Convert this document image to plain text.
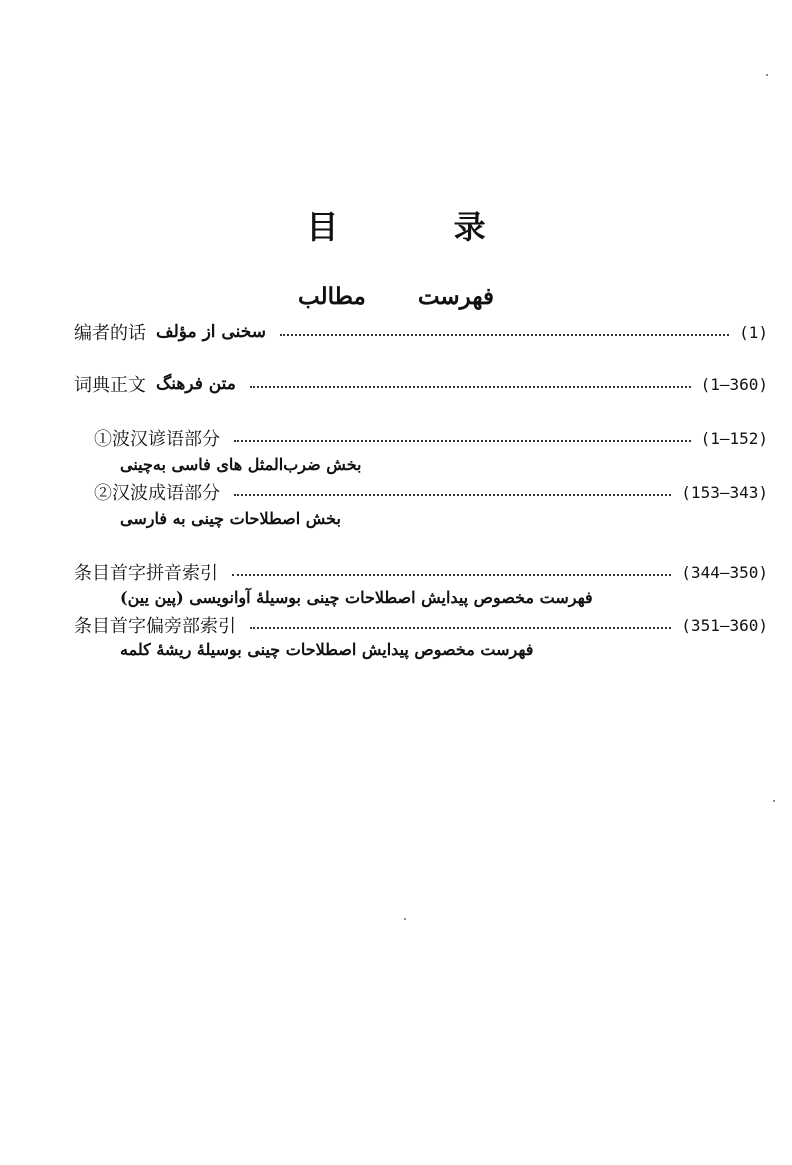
目 录
فهرست مطالب
编者的话 سخنی از مؤلف	(1)
词典正文 متن فرهنگ	(1—360)
①波汉谚语部分	(1—152)
بخش ضرب‌المثل های فاسی به‌چینی
②汉波成语部分	(153—343)
بخش اصطلاحات چینی به فارسی
条目首字拼音索引	(344—350)
فهرست مخصوص پیدایش اصطلاحات چینی بوسیلهٔ آوانویسی (پین یین)
条目首字偏旁部索引	(351—360)
فهرست مخصوص پیدایش اصطلاحات چینی بوسیلهٔ ریشهٔ کلمه
